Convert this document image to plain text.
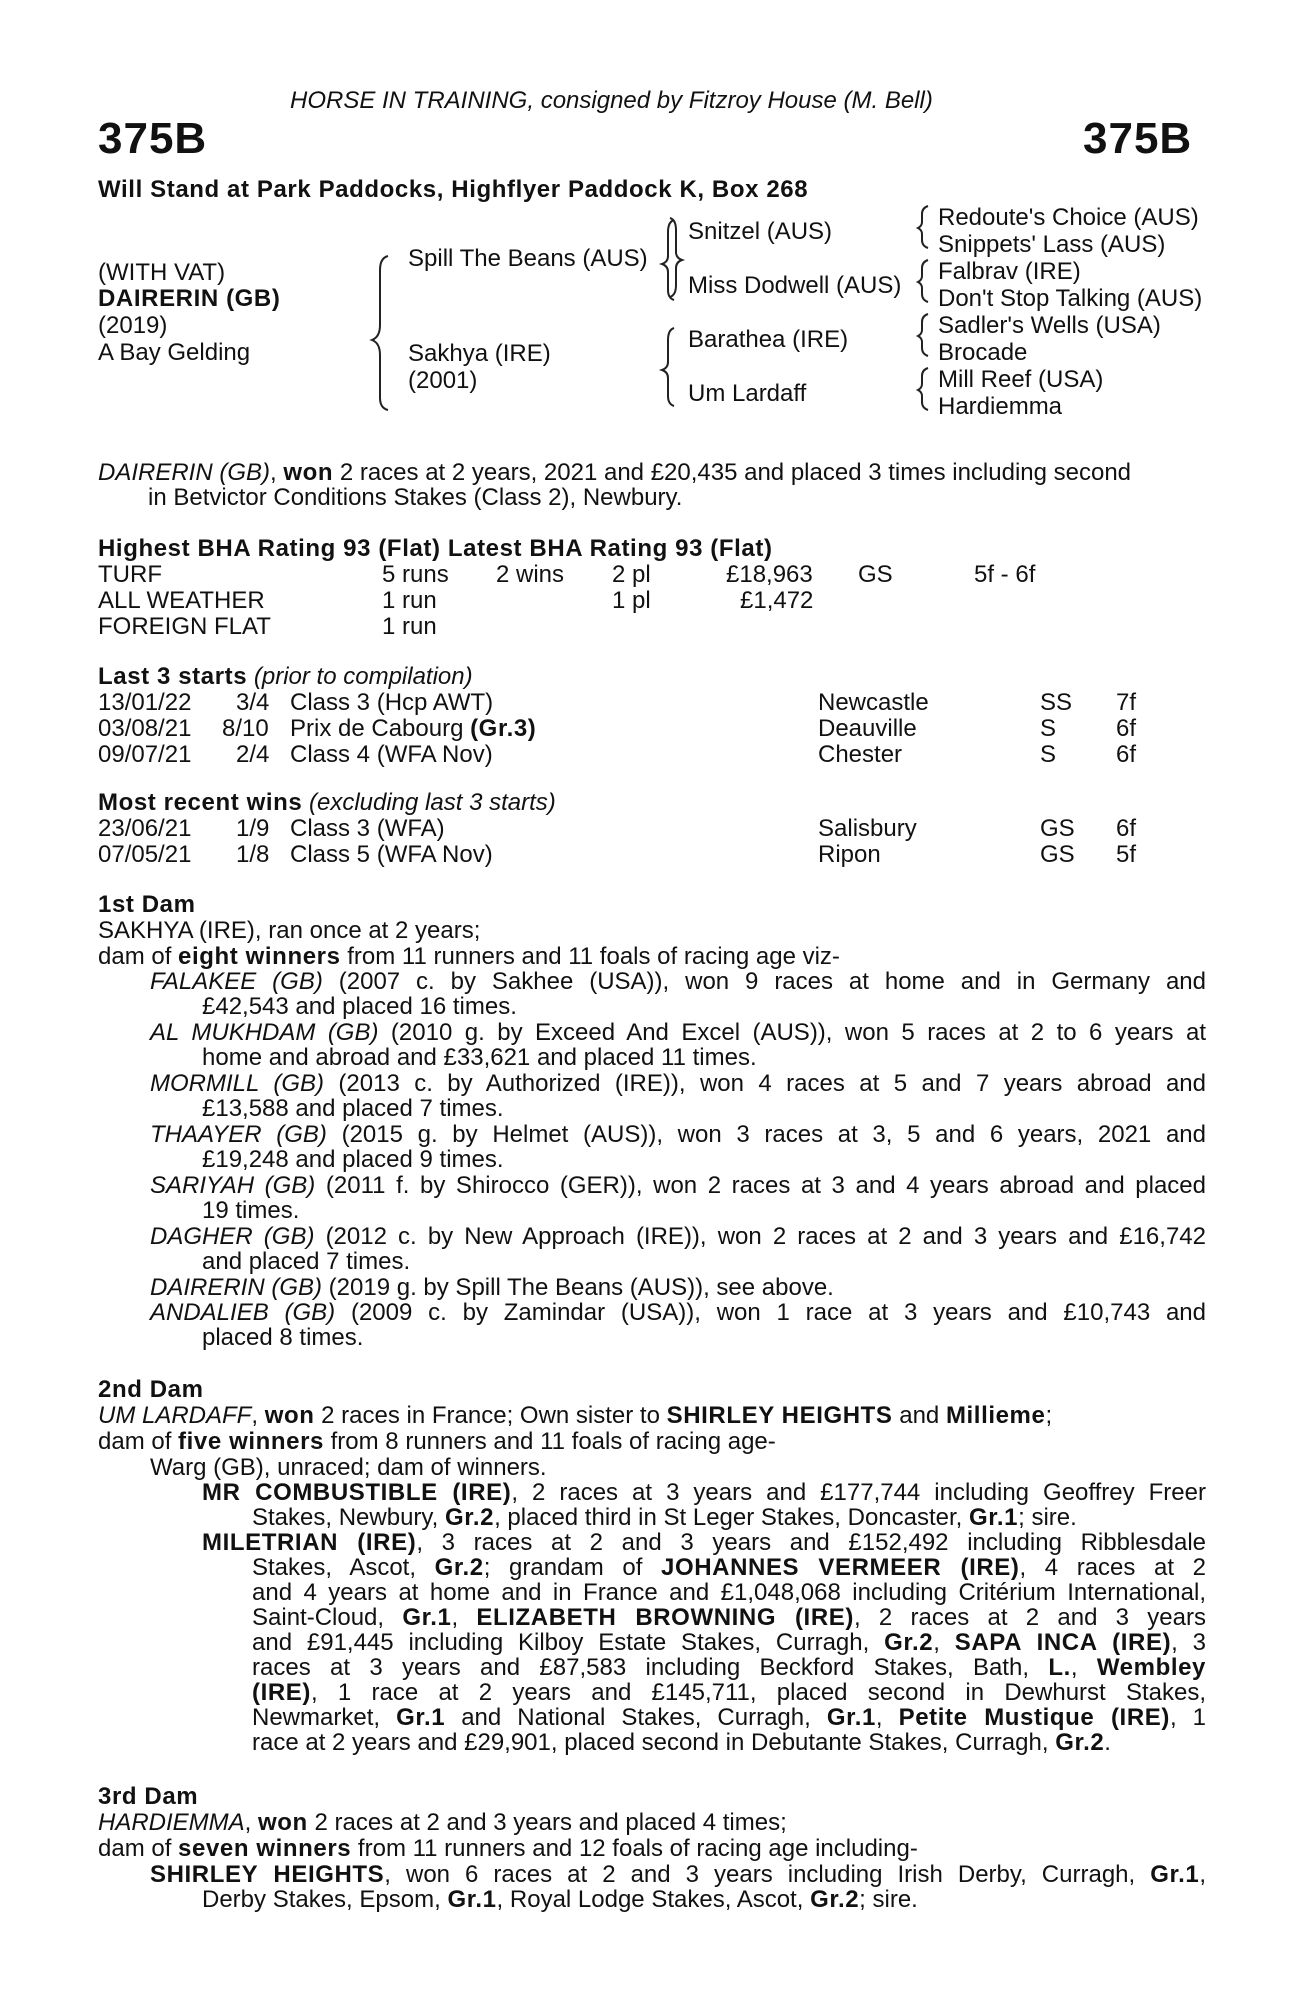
HORSE IN TRAINING, consigned by Fitzroy House (M. Bell)
375B	375B
Will Stand at Park Paddocks, Highflyer Paddock K, Box 268
(WITH VAT)
DAIRERIN (GB)
(2019)
A Bay Gelding
Spill The Beans (AUS)
Sakhya (IRE)
(2001)
Snitzel (AUS)
Miss Dodwell (AUS)
Barathea (IRE)
Um Lardaff
Redoute's Choice (AUS)
Snippets' Lass (AUS)
Falbrav (IRE)
Don't Stop Talking (AUS)
Sadler's Wells (USA)
Brocade
Mill Reef (USA)
Hardiemma
DAIRERIN (GB), won 2 races at 2 years, 2021 and £20,435 and placed 3 times including second
in Betvictor Conditions Stakes (Class 2), Newbury.
Highest BHA Rating 93 (Flat) Latest BHA Rating 93 (Flat)
TURF	5 runs 2 wins 2 pl	£18,963 GS	5f - 6f
ALL WEATHER	1 run	1 pl	£1,472
FOREIGN FLAT	1 run
Last 3 starts (prior to compilation)
13/01/22 3/4 Class 3 (Hcp AWT)	Newcastle	SS 7f
03/08/21 8/10 Prix de Cabourg (Gr.3)	Deauville	S 6f
09/07/21 2/4 Class 4 (WFA Nov)	Chester	S 6f
Most recent wins (excluding last 3 starts)
23/06/21 1/9 Class 3 (WFA)	Salisbury	GS 6f
07/05/21 1/8 Class 5 (WFA Nov)	Ripon	GS 5f
1st Dam
SAKHYA (IRE), ran once at 2 years;
dam of eight winners from 11 runners and 11 foals of racing age viz-

FALAKEE (GB) (2007 c. by Sakhee (USA)), won 9 races at home and in Germany and

£42,543 and placed 16 times.

AL MUKHDAM (GB) (2010 g. by Exceed And Excel (AUS)), won 5 races at 2 to 6 years at

home and abroad and £33,621 and placed 11 times.

MORMILL (GB) (2013 c. by Authorized (IRE)), won 4 races at 5 and 7 years abroad and

£13,588 and placed 7 times.

THAAYER (GB) (2015 g. by Helmet (AUS)), won 3 races at 3, 5 and 6 years, 2021 and

£19,248 and placed 9 times.

SARIYAH (GB) (2011 f. by Shirocco (GER)), won 2 races at 3 and 4 years abroad and placed

19 times.

DAGHER (GB) (2012 c. by New Approach (IRE)), won 2 races at 2 and 3 years and £16,742

and placed 7 times.

DAIRERIN (GB) (2019 g. by Spill The Beans (AUS)), see above.

ANDALIEB (GB) (2009 c. by Zamindar (USA)), won 1 race at 3 years and £10,743 and

placed 8 times.

2nd Dam
UM LARDAFF, won 2 races in France; Own sister to SHIRLEY HEIGHTS and Millieme;
dam of five winners from 8 runners and 11 foals of racing age-
Warg (GB), unraced; dam of winners.

MR COMBUSTIBLE (IRE), 2 races at 3 years and £177,744 including Geoffrey Freer

Stakes, Newbury, Gr.2, placed third in St Leger Stakes, Doncaster, Gr.1; sire.

MILETRIAN (IRE), 3 races at 2 and 3 years and £152,492 including Ribblesdale

Stakes, Ascot, Gr.2; grandam of JOHANNES VERMEER (IRE), 4 races at 2

and 4 years at home and in France and £1,048,068 including Critérium International,

Saint-Cloud, Gr.1, ELIZABETH BROWNING (IRE), 2 races at 2 and 3 years

and £91,445 including Kilboy Estate Stakes, Curragh, Gr.2, SAPA INCA (IRE), 3

races at 3 years and £87,583 including Beckford Stakes, Bath, L., Wembley

(IRE), 1 race at 2 years and £145,711, placed second in Dewhurst Stakes,

Newmarket, Gr.1 and National Stakes, Curragh, Gr.1, Petite Mustique (IRE), 1

race at 2 years and £29,901, placed second in Debutante Stakes, Curragh, Gr.2.

3rd Dam
HARDIEMMA, won 2 races at 2 and 3 years and placed 4 times;
dam of seven winners from 11 runners and 12 foals of racing age including-

SHIRLEY HEIGHTS, won 6 races at 2 and 3 years including Irish Derby, Curragh, Gr.1,

Derby Stakes, Epsom, Gr.1, Royal Lodge Stakes, Ascot, Gr.2; sire.
